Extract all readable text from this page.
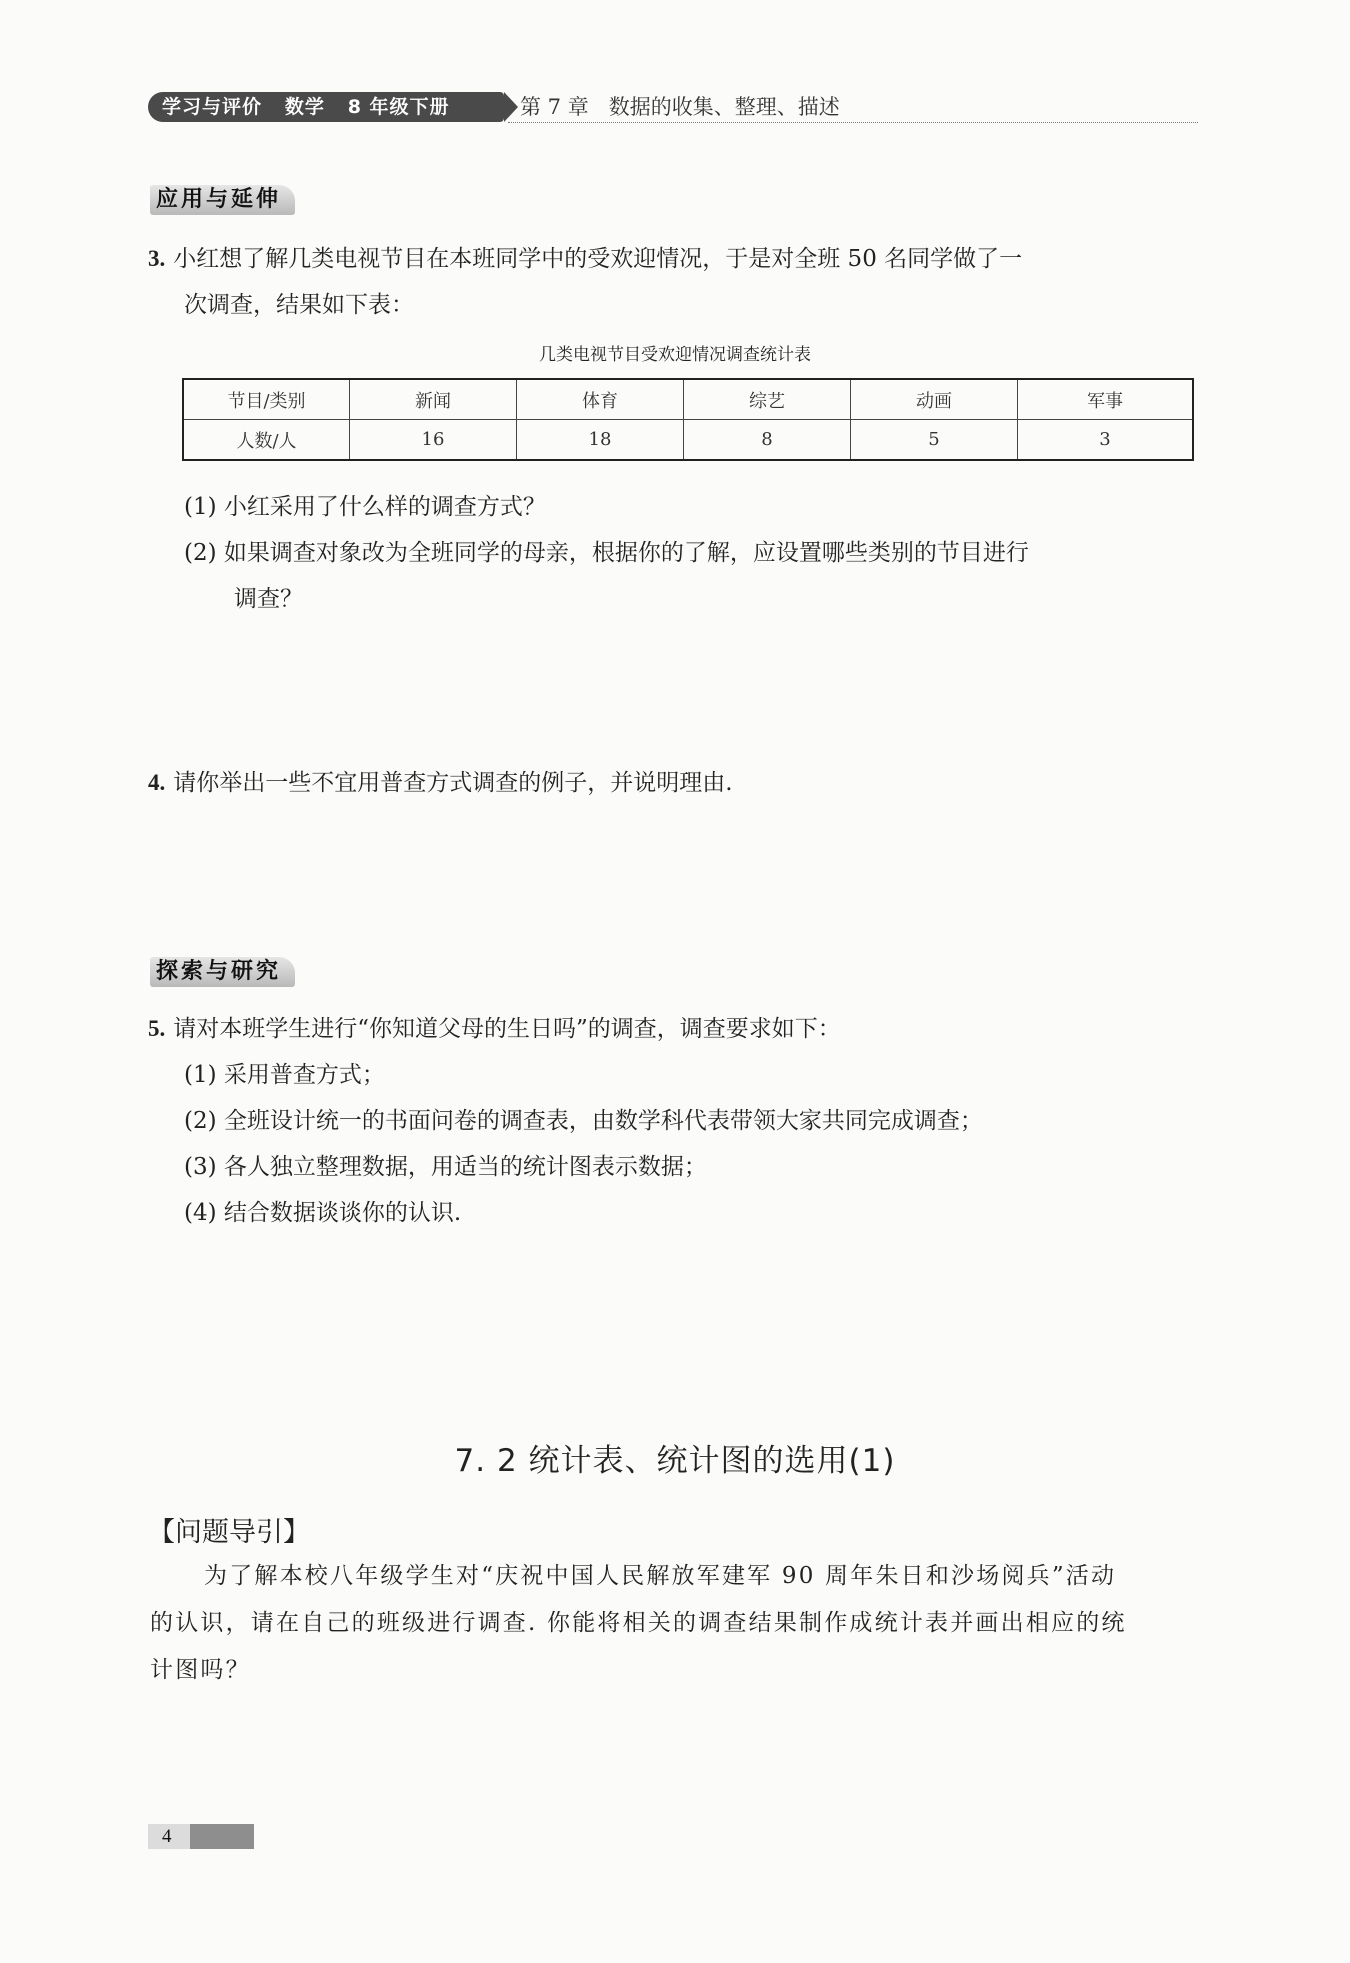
学习与评价   数学   8 年级下册	第 7 章   数据的收集、整理、描述
应用与延伸
3. 小红想了解几类电视节目在本班同学中的受欢迎情况，于是对全班 50 名同学做了一
次调查，结果如下表：
几类电视节目受欢迎情况调查统计表
节目/类别	新闻	体育	综艺	动画	军事
人数/人	16	18	8	5	3
(1) 小红采用了什么样的调查方式？
(2) 如果调查对象改为全班同学的母亲，根据你的了解，应设置哪些类别的节目进行
调查？
4. 请你举出一些不宜用普查方式调查的例子，并说明理由.
探索与研究
5. 请对本班学生进行“你知道父母的生日吗”的调查，调查要求如下：
(1) 采用普查方式；
(2) 全班设计统一的书面问卷的调查表，由数学科代表带领大家共同完成调查；
(3) 各人独立整理数据，用适当的统计图表示数据；
(4) 结合数据谈谈你的认识.
7. 2 统计表、统计图的选用(1)
【问题导引】

为了解本校八年级学生对“庆祝中国人民解放军建军 90 周年朱日和沙场阅兵”活动

的认识，请在自己的班级进行调查. 你能将相关的调查结果制作成统计表并画出相应的统

计图吗？

4
